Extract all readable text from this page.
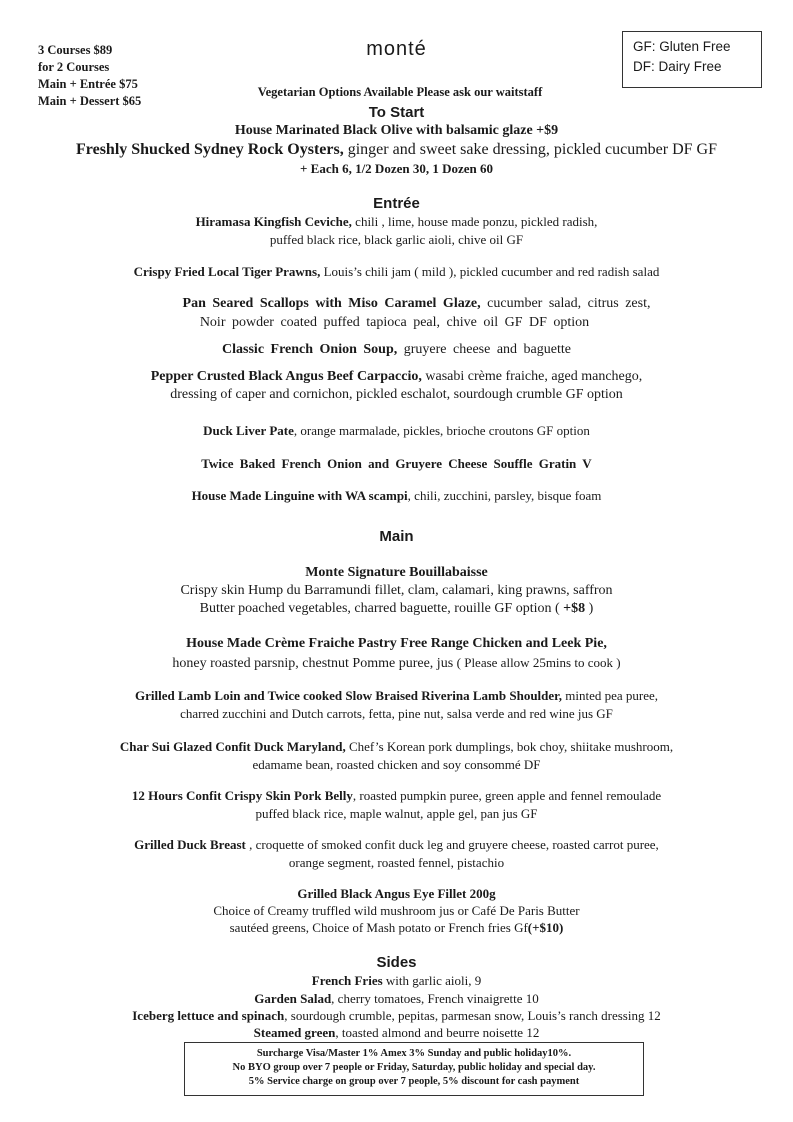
3 Courses $89
for 2 Courses
Main + Entrée $75
Main + Dessert $65
monté	GF: Gluten Free
DF: Dairy Free
Vegetarian Options Available Please ask our waitstaff
To Start
House Marinated Black Olive with balsamic glaze +$9
Freshly Shucked Sydney Rock Oysters, ginger and sweet sake dressing, pickled cucumber DF GF
+ Each 6, 1/2 Dozen 30, 1 Dozen 60
Entrée
Hiramasa Kingfish Ceviche, chili , lime, house made ponzu, pickled radish,
puffed black rice, black garlic aioli, chive oil GF
Crispy Fried Local Tiger Prawns, Louis’s chili jam ( mild ), pickled cucumber and red radish salad
Pan Seared Scallops with Miso Caramel Glaze, cucumber salad, citrus zest,
Noir powder coated puffed tapioca peal, chive oil GF DF option
Classic French Onion Soup, gruyere cheese and baguette
Pepper Crusted Black Angus Beef Carpaccio, wasabi crème fraiche, aged manchego,
dressing of caper and cornichon, pickled eschalot, sourdough crumble GF option
Duck Liver Pate, orange marmalade, pickles, brioche croutons GF option
Twice Baked French Onion and Gruyere Cheese Souffle Gratin V
House Made Linguine with WA scampi, chili, zucchini, parsley, bisque foam
Main
Monte Signature Bouillabaisse
Crispy skin Hump du Barramundi fillet, clam, calamari, king prawns, saffron
Butter poached vegetables, charred baguette, rouille GF option ( +$8 )
House Made Crème Fraiche Pastry Free Range Chicken and Leek Pie,
honey roasted parsnip, chestnut Pomme puree, jus ( Please allow 25mins to cook )
Grilled Lamb Loin and Twice cooked Slow Braised Riverina Lamb Shoulder, minted pea puree,
charred zucchini and Dutch carrots, fetta, pine nut, salsa verde and red wine jus GF
Char Sui Glazed Confit Duck Maryland, Chef’s Korean pork dumplings, bok choy, shiitake mushroom,
edamame bean, roasted chicken and soy consommé DF
12 Hours Confit Crispy Skin Pork Belly, roasted pumpkin puree, green apple and fennel remoulade
puffed black rice, maple walnut, apple gel, pan jus GF
Grilled Duck Breast , croquette of smoked confit duck leg and gruyere cheese, roasted carrot puree,
orange segment, roasted fennel, pistachio
Grilled Black Angus Eye Fillet 200g
Choice of Creamy truffled wild mushroom jus or Café De Paris Butter
sautéed greens, Choice of Mash potato or French fries Gf(+$10)
Sides
French Fries with garlic aioli, 9
Garden Salad, cherry tomatoes, French vinaigrette 10
Iceberg lettuce and spinach, sourdough crumble, pepitas, parmesan snow, Louis’s ranch dressing 12
Steamed green, toasted almond and beurre noisette 12
Surcharge Visa/Master 1% Amex 3% Sunday and public holiday10%.
No BYO group over 7 people or Friday, Saturday, public holiday and special day.
5% Service charge on group over 7 people, 5% discount for cash payment
